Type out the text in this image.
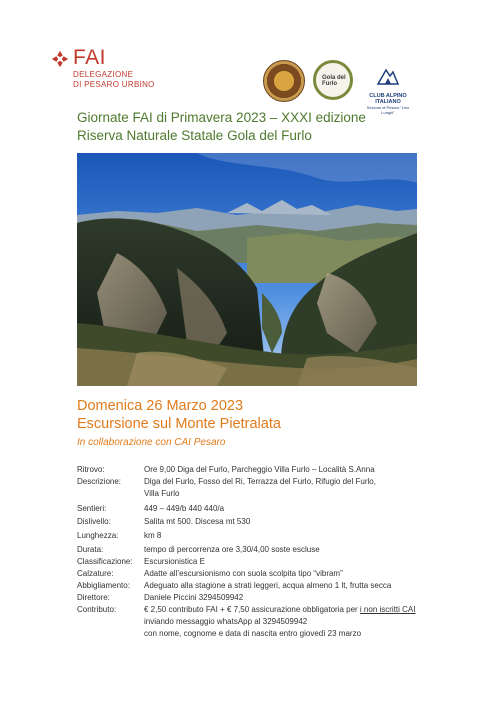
FAI
DELEGAZIONE
DI PESARO URBINO
Gola del Furlo
CLUB ALPINO ITALIANO
Sezione di Pesaro "Lino Lunghi"
Giornate FAI di Primavera 2023 – XXXI edizione
Riserva Naturale Statale Gola del Furlo
Domenica 26 Marzo 2023
Escursione sul Monte Pietralata
In collaborazione con CAI Pesaro
Ritrovo:	Ore 9,00 Diga del Furlo, Parcheggio Villa Furlo – Località S.Anna
Descrizione:	Diga del Furlo, Fosso del Ri, Terrazza del Furlo, Rifugio del Furlo,
Villa Furlo
Sentieri:	449 – 449/b 440 440/a
Dislivello:	Salita mt 500. Discesa mt 530
Lunghezza:	km 8
Durata:	tempo di percorrenza ore 3,30/4,00 soste escluse
Classificazione: Escursionistica E
Calzature:	Adatte all’escursionismo con suola scolpita tipo “vibram”
Abbigliamento: Adeguato alla stagione a strati leggeri, acqua almeno 1 lt, frutta secca
Direttore:	Daniele Piccini 3294509942
Contributo:	€ 2,50 contributo FAI + € 7,50 assicurazione obbligatoria per i non iscritti CAI
inviando messaggio whatsApp al 3294509942
con nome, cognome e data di nascita entro giovedì 23 marzo
